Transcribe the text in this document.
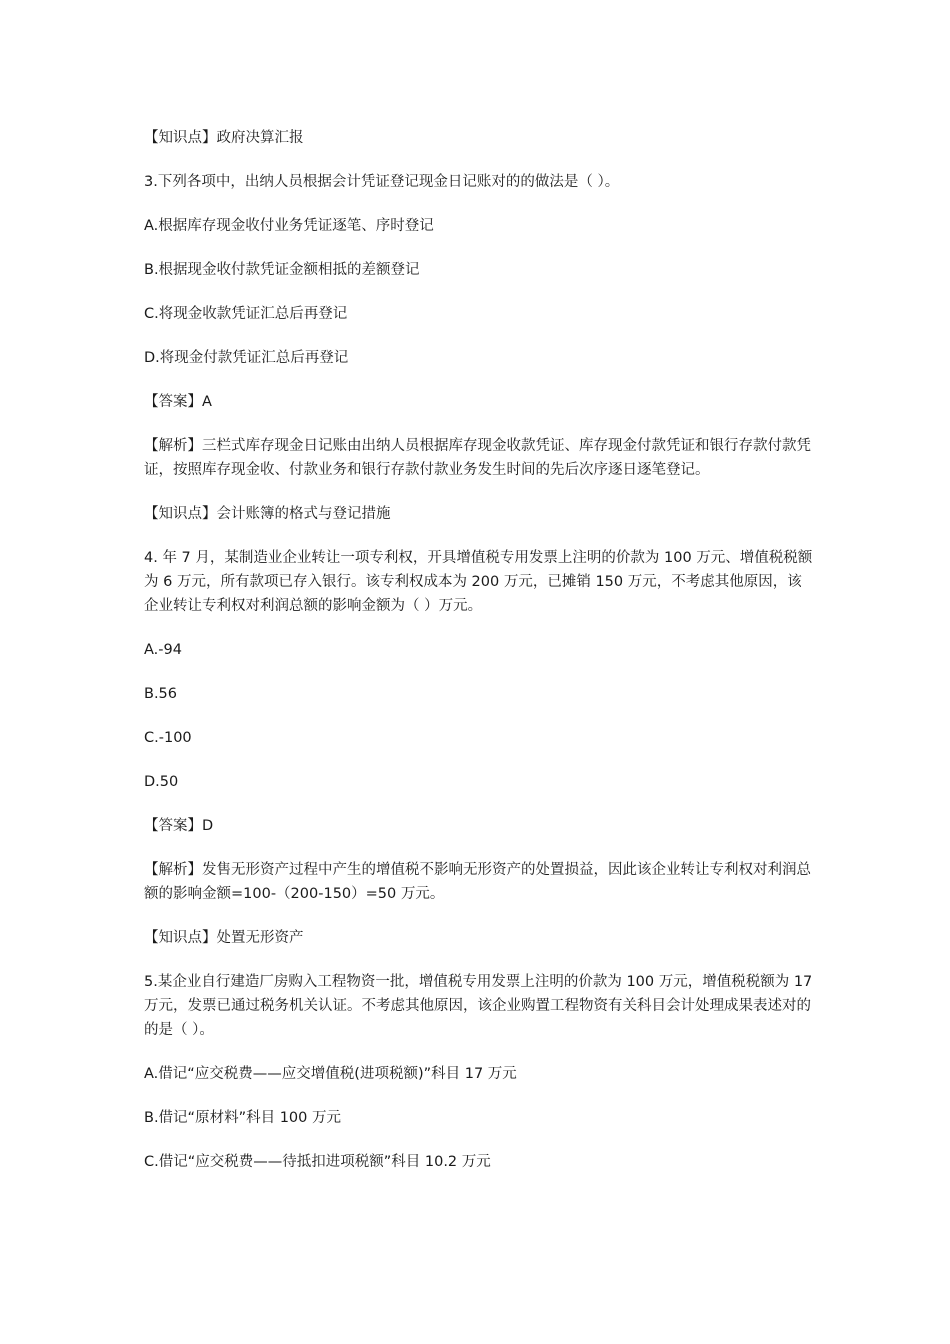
【知识点】政府决算汇报

3.下列各项中，出纳人员根据会计凭证登记现金日记账对的的做法是（ ）。

A.根据库存现金收付业务凭证逐笔、序时登记

B.根据现金收付款凭证金额相抵的差额登记

C.将现金收款凭证汇总后再登记

D.将现金付款凭证汇总后再登记

【答案】A

【解析】三栏式库存现金日记账由出纳人员根据库存现金收款凭证、库存现金付款凭证和银行存款付款凭证，按照库存现金收、付款业务和银行存款付款业务发生时间的先后次序逐日逐笔登记。

【知识点】会计账簿的格式与登记措施

4. 年 7 月，某制造业企业转让一项专利权，开具增值税专用发票上注明的价款为 100 万元、增值税税额为 6 万元，所有款项已存入银行。该专利权成本为 200 万元，已摊销 150 万元，不考虑其他原因，该企业转让专利权对利润总额的影响金额为（ ）万元。

A.-94

B.56

C.-100

D.50

【答案】D

【解析】发售无形资产过程中产生的增值税不影响无形资产的处置损益，因此该企业转让专利权对利润总额的影响金额=100-（200-150）=50 万元。

【知识点】处置无形资产

5.某企业自行建造厂房购入工程物资一批，增值税专用发票上注明的价款为 100 万元，增值税税额为 17 万元，发票已通过税务机关认证。不考虑其他原因，该企业购置工程物资有关科目会计处理成果表述对的的是（ ）。

A.借记“应交税费——应交增值税(进项税额)”科目 17 万元

B.借记“原材料”科目 100 万元

C.借记“应交税费——待抵扣进项税额”科目 10.2 万元
